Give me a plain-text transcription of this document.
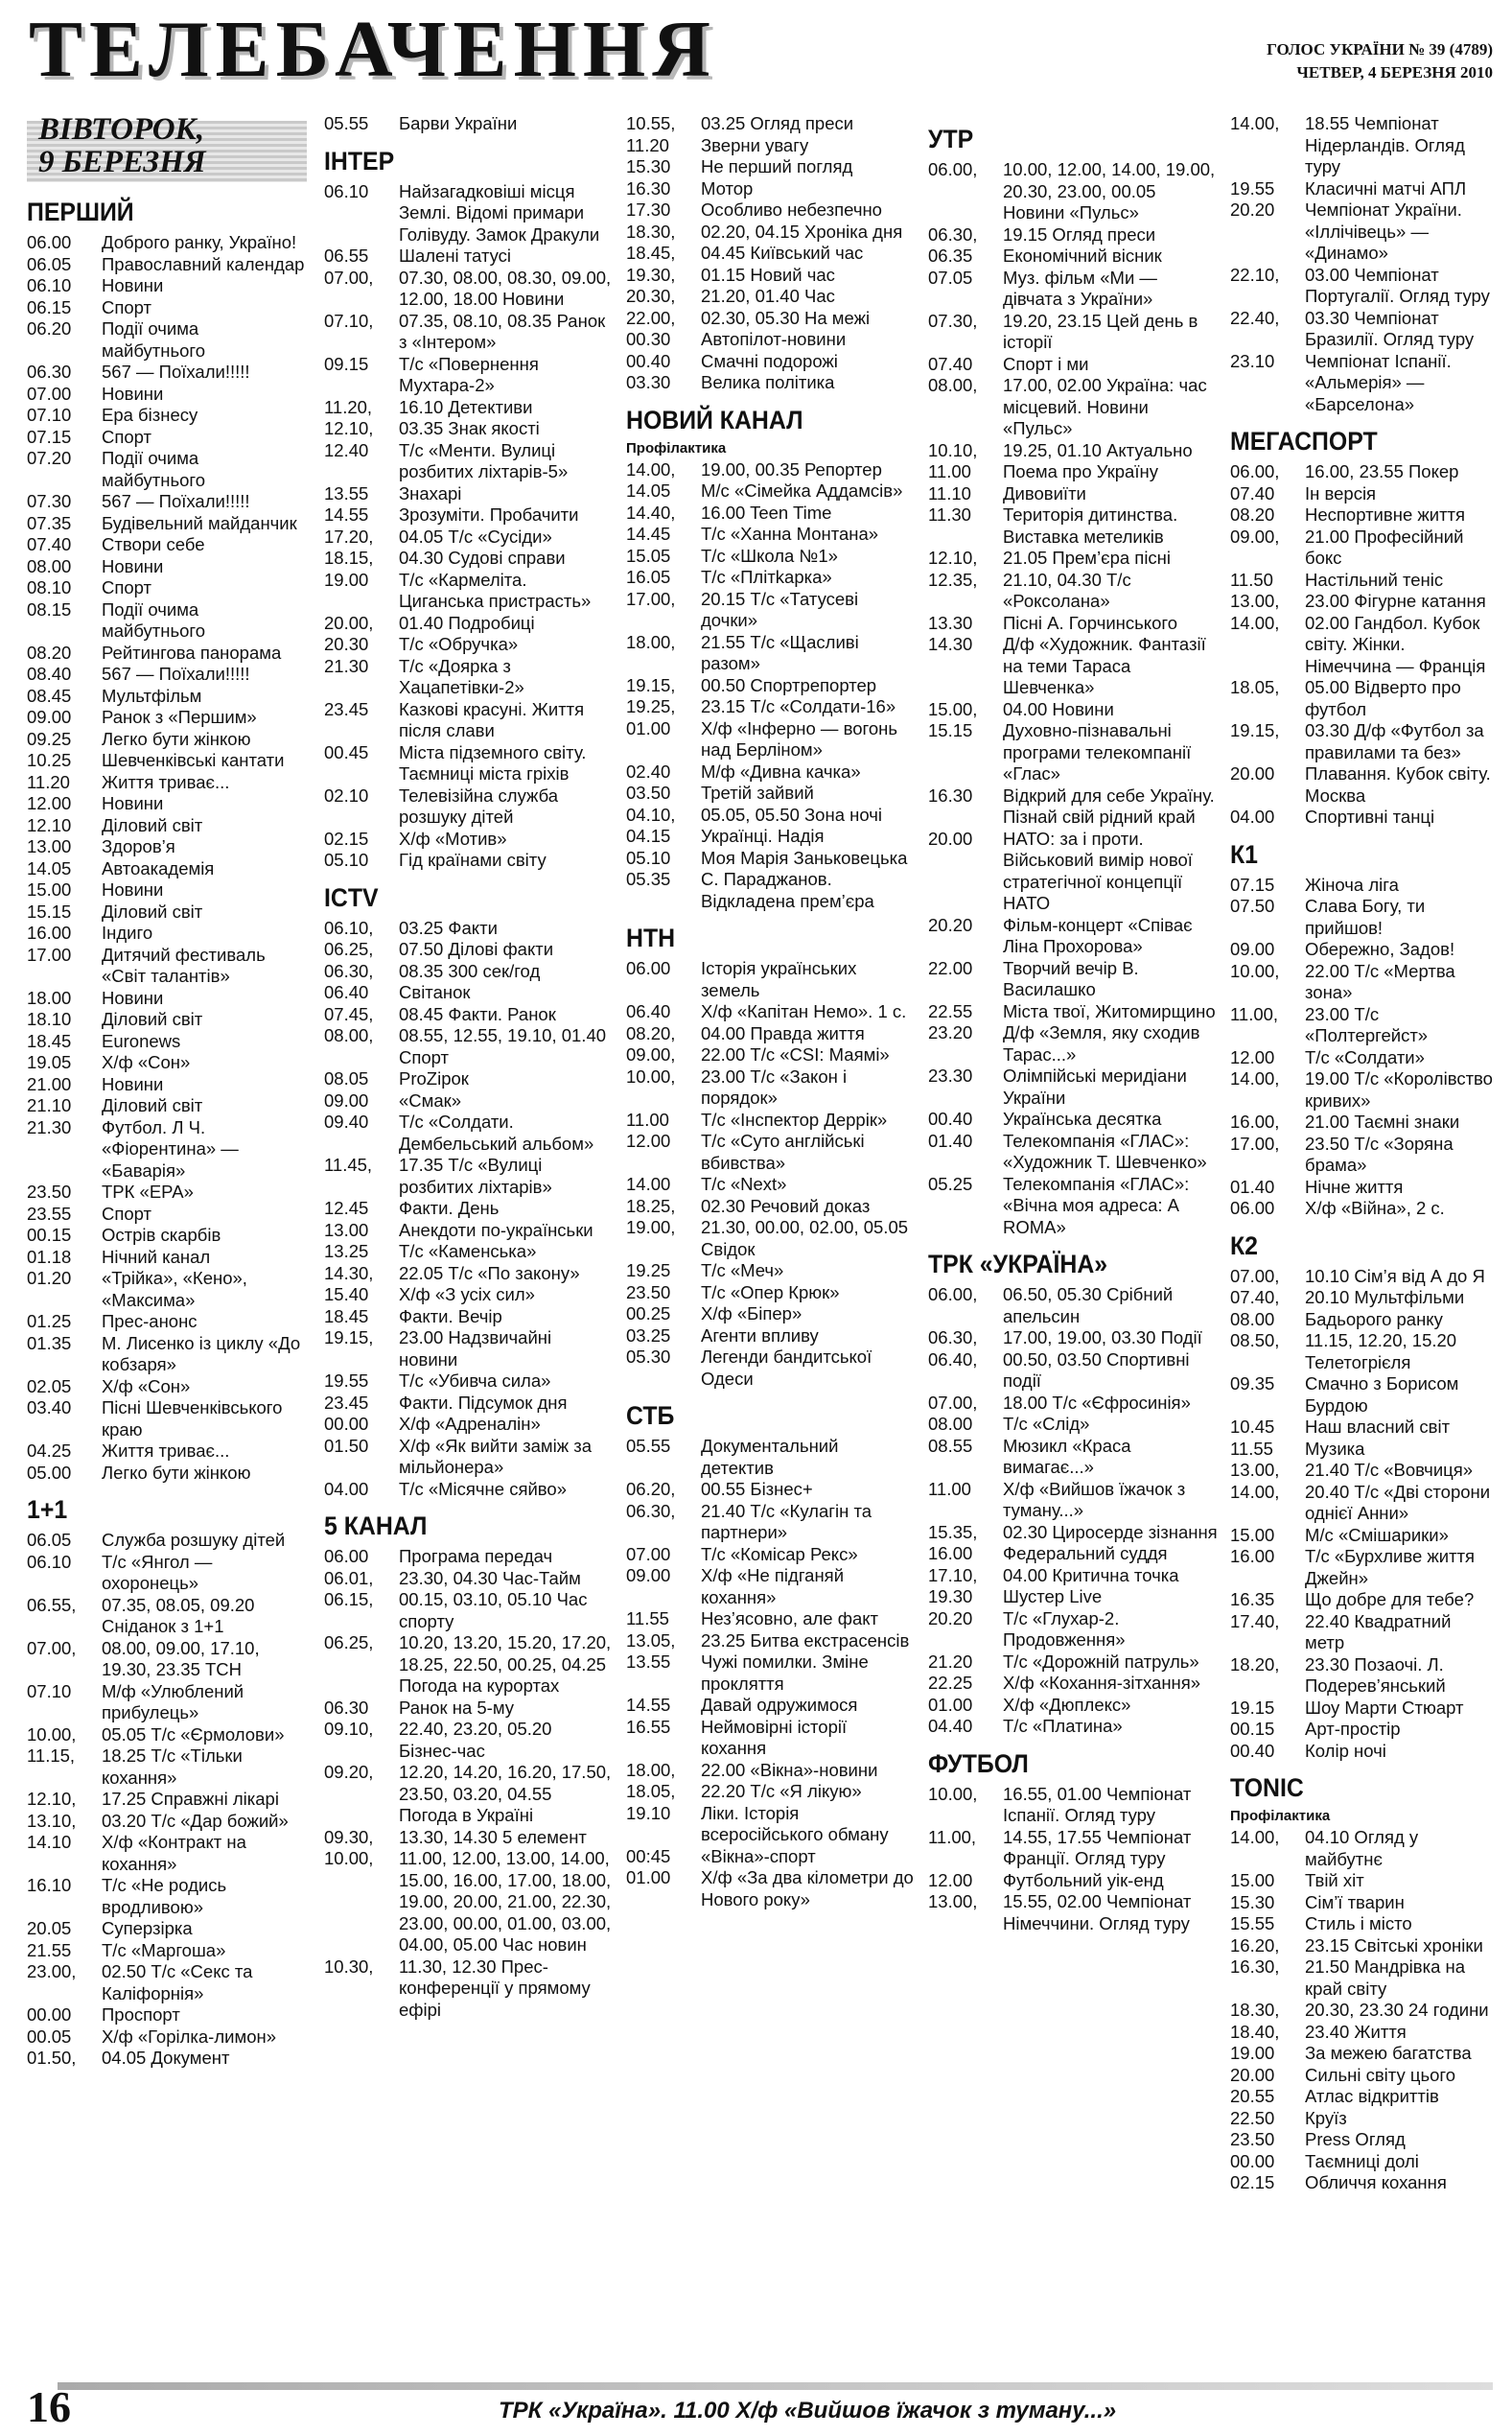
ТЕЛЕБАЧЕННЯ	ГОЛОС УКРАЇНИ № 39 (4789)
ЧЕТВЕР, 4 БЕРЕЗНЯ 2010
ВІВТОРОК,
9 БЕРЕЗНЯ
ПЕРШИЙ

06.00	Доброго ранку, Україно!

06.05	Православний календар

06.10	Новини

06.15	Спорт

06.20	Події очима майбутнього

06.30	567 — Поїхали!!!!!

07.00	Новини

07.10	Ера бізнесу

07.15	Спорт

07.20	Події очима майбутнього

07.30	567 — Поїхали!!!!!

07.35	Будівельний майданчик

07.40	Створи себе

08.00	Новини

08.10	Спорт

08.15	Події очима майбутнього

08.20	Рейтингова панорама

08.40	567 — Поїхали!!!!!

08.45	Мультфільм

09.00	Ранок з «Першим»

09.25	Легко бути жінкою

10.25	Шевченківські кантати

11.20	Життя триває...

12.00	Новини

12.10	Діловий світ

13.00	Здоров’я

14.05	Автоакадемія

15.00	Новини

15.15	Діловий світ

16.00	Індиго

17.00	Дитячий фестиваль «Світ талантів»

18.00	Новини

18.10	Діловий світ

18.45	Euronews

19.05	Х/ф «Сон»

21.00	Новини

21.10	Діловий світ

21.30	Футбол. Л Ч. «Фіорентина» — «Баварія»

23.50	ТРК «ЕРА»

23.55	Спорт

00.15	Острів скарбів

01.18	Нічний канал

01.20	«Трійка», «Кено», «Максима»

01.25	Прес-анонс

01.35	М. Лисенко із циклу «До кобзаря»

02.05	Х/ф «Сон»

03.40	Пісні Шевченківського краю

04.25	Життя триває...

05.00	Легко бути жінкою

1+1

06.05	Служба розшуку дітей

06.10	Т/с «Янгол — охоронець»

06.55,	07.35, 08.05, 09.20 Сніданок з 1+1

07.00,	08.00, 09.00, 17.10, 19.30, 23.35 ТСН

07.10	М/ф «Улюблений прибулець»

10.00,	05.05 Т/с «Єрмолови»

11.15,	18.25 Т/с «Тільки кохання»

12.10,	17.25 Справжні лікарі

13.10,	03.20 Т/с «Дар божий»

14.10	Х/ф «Контракт на кохання»

16.10	Т/с «Не родись вродливою»

20.05	Суперзірка

21.55	Т/с «Маргоша»

23.00,	02.50 Т/с «Секс та Каліфорнія»

00.00	Проспорт

00.05	Х/ф «Горілка-лимон»

01.50,	04.05 Документ

05.55	Барви України

ІНТЕР

06.10	Найзагадковіші місця Землі. Відомі примари Голівуду. Замок Дракули

06.55	Шалені татусі

07.00,	07.30, 08.00, 08.30, 09.00, 12.00, 18.00 Новини

07.10,	07.35, 08.10, 08.35 Ранок з «Інтером»

09.15	Т/с «Повернення Мухтара-2»

11.20,	16.10 Детективи

12.10,	03.35 Знак якості

12.40	Т/с «Менти. Вулиці розбитих ліхтарів-5»

13.55	Знахарі

14.55	Зрозуміти. Пробачити

17.20,	04.05 Т/с «Сусіди»

18.15,	04.30 Судові справи

19.00	Т/с «Кармеліта. Циганська пристрасть»

20.00,	01.40 Подробиці

20.30	Т/с «Обручка»

21.30	Т/с «Доярка з Хацапетівки-2»

23.45	Казкові красуні. Життя після слави

00.45	Міста підземного світу. Таємниці міста гріхів

02.10	Телевізійна служба розшуку дітей

02.15	Х/ф «Мотив»

05.10	Гід країнами світу

ICTV

06.10,	03.25 Факти

06.25,	07.50 Ділові факти

06.30,	08.35 300 сек/год

06.40	Світанок

07.45,	08.45 Факти. Ранок

08.00,	08.55, 12.55, 19.10, 01.40 Спорт

08.05	ProZірок

09.00	«Смак»

09.40	Т/с «Солдати. Дембельський альбом»

11.45,	17.35 Т/с «Вулиці розбитих ліхтарів»

12.45	Факти. День

13.00	Анекдоти по-українськи

13.25	Т/с «Каменська»

14.30,	22.05 Т/с «По закону»

15.40	Х/ф «З усіх сил»

18.45	Факти. Вечір

19.15,	23.00 Надзвичайні новини

19.55	Т/с «Убивча сила»

23.45	Факти. Підсумок дня

00.00	Х/ф «Адреналін»

01.50	Х/ф «Як вийти заміж за мільйонера»

04.00	Т/с «Місячне сяйво»

5 КАНАЛ

06.00	Програма передач

06.01,	23.30, 04.30 Час-Тайм

06.15,	00.15, 03.10, 05.10 Час спорту

06.25,	10.20, 13.20, 15.20, 17.20, 18.25, 22.50, 00.25, 04.25 Погода на курортах

06.30	Ранок на 5-му

09.10,	22.40, 23.20, 05.20 Бізнес-час

09.20,	12.20, 14.20, 16.20, 17.50, 23.50, 03.20, 04.55 Погода в Україні

09.30,	13.30, 14.30 5 елемент

10.00,	11.00, 12.00, 13.00, 14.00, 15.00, 16.00, 17.00, 18.00, 19.00, 20.00, 21.00, 22.30, 23.00, 00.00, 01.00, 03.00, 04.00, 05.00 Час новин

10.30,	11.30, 12.30 Прес-конференції у прямому ефірі

10.55,	03.25 Огляд преси

11.20	Зверни увагу

15.30	Не перший погляд

16.30	Мотор

17.30	Особливо небезпечно

18.30,	02.20, 04.15 Хроніка дня

18.45,	04.45 Київський час

19.30,	01.15 Новий час

20.30,	21.20, 01.40 Час

22.00,	02.30, 05.30 На межі

00.30	Автопілот-новини

00.40	Смачні подорожі

03.30	Велика політика

НОВИЙ КАНАЛ
Профілактика

14.00,	19.00, 00.35 Репортер

14.05	М/с «Сімейка Аддамсів»

14.40,	16.00 Teen Time

14.45	Т/с «Ханна Монтана»

15.05	Т/с «Школа №1»

16.05	Т/с «Плітkарка»

17.00,	20.15 Т/с «Татусеві дочки»

18.00,	21.55 Т/с «Щасливі разом»

19.15,	00.50 Спортрепортер

19.25,	23.15 Т/с «Солдати-16»

01.00	Х/ф «Інферно — вогонь над Берліном»

02.40	М/ф «Дивна качка»

03.50	Третій зайвий

04.10,	05.05, 05.50 Зона ночі

04.15	Українці. Надія

05.10	Моя Марія Заньковецька

05.35	С. Параджанов. Відкладена прем’єра

НТН

06.00	Історія українських земель

06.40	Х/ф «Капітан Немо». 1 с.

08.20,	04.00 Правда життя

09.00,	22.00 Т/с «CSI: Маямі»

10.00,	23.00 Т/с «Закон і порядок»

11.00	Т/с «Інспектор Деррік»

12.00	Т/с «Суто англійські вбивства»

14.00	Т/с «Next»

18.25,	02.30 Речовий доказ

19.00,	21.30, 00.00, 02.00, 05.05 Свідок

19.25	Т/с «Меч»

23.50	Т/с «Опер Крюк»

00.25	Х/ф «Біпер»

03.25	Агенти впливу

05.30	Легенди бандитської Одеси

СТБ

05.55	Документальний детектив

06.20,	00.55 Бізнес+

06.30,	21.40 Т/с «Кулагін та партнери»

07.00	Т/с «Комісар Рекс»

09.00	Х/ф «Не підганяй кохання»

11.55	Нез’ясовно, але факт

13.05,	23.25 Битва екстрасенсів

13.55	Чужі помилки. Зміне прокляття

14.55	Давай одружимося

16.55	Неймовірні історії кохання

18.00,	22.00 «Вікна»-новини

18.05,	22.20 Т/с «Я лікую»

19.10	Ліки. Історія всеросійського обману

00:45	«Вікна»-спорт

01.00	Х/ф «За два кілометри до Нового року»

УТР

06.00,	10.00, 12.00, 14.00, 19.00, 20.30, 23.00, 00.05 Новини «Пульс»

06.30,	19.15 Огляд преси

06.35	Економічний вісник

07.05	Муз. фільм «Ми — дівчата з України»

07.30,	19.20, 23.15 Цей день в історії

07.40	Спорт і ми

08.00,	17.00, 02.00 Україна: час місцевий. Новини «Пульс»

10.10,	19.25, 01.10 Актуально

11.00	Поема про Україну

11.10	Дивовиїти

11.30	Територія дитинства. Виставка метеликів

12.10,	21.05 Прем’єра пісні

12.35,	21.10, 04.30 Т/с «Роксолана»

13.30	Пісні А. Горчинського

14.30	Д/ф «Художник. Фантазії на теми Тараса Шевченка»

15.00,	04.00 Новини

15.15	Духовно-пізнавальні програми телекомпанії «Глас»

16.30	Відкрий для себе Україну. Пізнай свій рідний край

20.00	НАТО: за і проти. Військовий вимір нової стратегічної концепції НАТО

20.20	Фільм-концерт «Співає Ліна Прохорова»

22.00	Творчий вечір В. Василашко

22.55	Міста твої, Житомирщино

23.20	Д/ф «Земля, яку сходив Тарас...»

23.30	Олімпійські меридіани України

00.40	Українська десятка

01.40	Телекомпанія «ГЛАС»: «Художник Т. Шевченко»

05.25	Телекомпанія «ГЛАС»: «Вічна моя адреса: A ROMA»

ТРК «УКРАЇНА»

06.00,	06.50, 05.30 Срібний апельсин

06.30,	17.00, 19.00, 03.30 Події

06.40,	00.50, 03.50 Спортивні події

07.00,	18.00 Т/с «Єфросинія»

08.00	Т/с «Слід»

08.55	Мюзикл «Краса вимагає...»

11.00	Х/ф «Вийшов їжачок з туману...»

15.35,	02.30 Цироcердe зізнання

16.00	Федеральний суддя

17.10,	04.00 Критична точка

19.30	Шустер Live

20.20	Т/с «Глухар-2. Продовження»

21.20	Т/с «Дорожній патруль»

22.25	Х/ф «Кохання-зітхання»

01.00	Х/ф «Дюплекс»

04.40	Т/с «Платина»

ФУТБОЛ

10.00,	16.55, 01.00 Чемпіонат Іспанії. Огляд туру

11.00,	14.55, 17.55 Чемпіонат Франції. Огляд туру

12.00	Футбольний уік-енд

13.00,	15.55, 02.00 Чемпіонат Німеччини. Огляд туру

14.00,	18.55 Чемпіонат Нідерландів. Огляд туру

19.55	Класичні матчі АПЛ

20.20	Чемпіонат України. «Іллічівець» — «Динамо»

22.10,	03.00 Чемпіонат Португалії. Огляд туру

22.40,	03.30 Чемпіонат Бразилії. Огляд туру

23.10	Чемпіонат Іспанії. «Альмерія» — «Барселона»

МЕГАСПОРТ

06.00,	16.00, 23.55 Покер

07.40	Ін версія

08.20	Неспортивне життя

09.00,	21.00 Професійний бокс

11.50	Настільний теніс

13.00,	23.00 Фігурне катання

14.00,	02.00 Гандбол. Кубок світу. Жінки. Німеччина — Франція

18.05,	05.00 Відверто про футбол

19.15,	03.30 Д/ф «Футбол за правилами та без»

20.00	Плавання. Кубок світу. Москва

04.00	Спортивні танці

К1

07.15	Жіноча ліга

07.50	Слава Богу, ти прийшов!

09.00	Обережно, Задов!

10.00,	22.00 Т/с «Мертва зона»

11.00,	23.00 Т/с «Полтергейст»

12.00	Т/с «Солдати»

14.00,	19.00 Т/с «Королівство кривих»

16.00,	21.00 Таємні знаки

17.00,	23.50 Т/с «Зоряна брама»

01.40	Нічне життя

06.00	Х/ф «Війна», 2 с.

К2

07.00,	10.10 Сім’я від А до Я

07.40,	20.10 Мультфільми

08.00	Бадьорого ранку

08.50,	11.15, 12.20, 15.20 Телетогрієля

09.35	Смачно з Борисом Бурдою

10.45	Наш власний світ

11.55	Музика

13.00,	21.40 Т/с «Вовчиця»

14.00,	20.40 Т/с «Дві сторони однієї Анни»

15.00	М/с «Смішарики»

16.00	Т/с «Бурхливе життя Джейн»

16.35	Що добре для тебе?

17.40,	22.40 Квадратний метр

18.20,	23.30 Позаочі. Л. Подерев’янський

19.15	Шоу Марти Стюарт

00.15	Арт-простір

00.40	Колір ночі

TONIC
Профілактика

14.00,	04.10 Огляд у майбутнє

15.00	Твій хіт

15.30	Сім’ї тварин

15.55	Стиль і місто

16.20,	23.15 Світські хроніки

16.30,	21.50 Мандрівка на край світу

18.30,	20.30, 23.30 24 години

18.40,	23.40 Життя

19.00	За межею багатства

20.00	Сильні світу цього

20.55	Атлас відкриттів

22.50	Круїз

23.50	Press Огляд

00.00	Таємниці долі

02.15	Обличчя кохання

16	ТРК «Україна». 11.00 Х/ф «Вийшов їжачок з туману...»
